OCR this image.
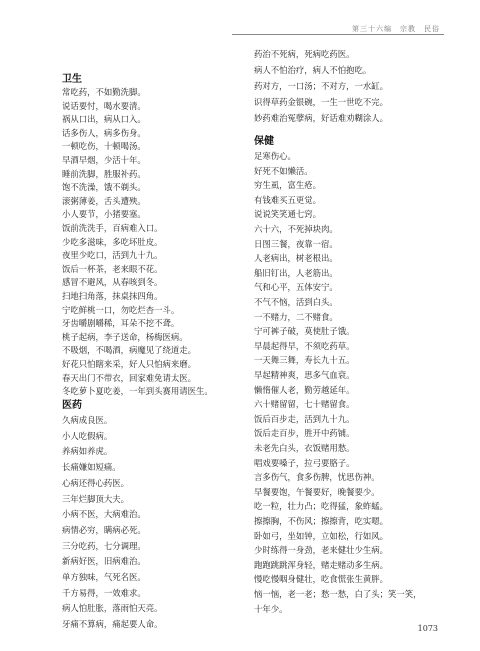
第三十六编　宗教　民俗
卫生
常吃药，不如勤洗脚。
说话要忖，喝水要清。
祸从口出，病从口入。
话多伤人，病多伤身。
一顿吃伤，十顿喝汤。
早酒早烟，少活十年。
睡前洗脚，胜服补药。
饱不洗澡，饿不剃头。
滚粥薄姜，舌头遭殃。
小人要节，小猪要塞。
饭前洗洗手，百病难入口。
少吃多滋味，多吃坏肚皮。
夜里少吃口，活到九十九。
饭后一杯茶，老来眼不花。
感冒不避风，从春咳到冬。
扫地扫角落，抹桌抹四角。
宁吃鲜桃一口，勿吃烂杏一斗。
牙齿嚼剧嚼稀，耳朵不挖不聋。
桃子起病，李子送命，杨梅医病。
不吸烟，不喝酒，病魔见了绕道走。
好花只怕瞎来采，好人只怕病来磨。
春天出门不带衣，回家难免请太医。
冬吃萝卜夏吃姜，一年到头赛用请医生。
医药
久病成良医。
小人吃假病。
养病如养虎。
长痛嫌如短痛。
心病还得心药医。
三年烂脚顶大夫。
小病不医，大病难治。
病情必穷，瞒病必死。
三分吃药，七分调理。
新病好医，旧病难治。
单方独味，气死名医。
千方易得，一效难求。
病人怕肚胀，落雨怕天亮。
牙痛不算病，痛起要人命。
药治不死病，死病吃药医。
病人不怕治疗，病人不怕抱吃。
药对方，一口汤；不对方，一水缸。
识得草药金银碗，一生一世吃不完。
妙药难治冤孽病，好话难劝糊涂人。
保健
足寒伤心。
好死不如懒活。
穷生虱，富生疮。
有钱难买五更觉。
说说笑笑通七窍。
六十六，不死掉块肉。
日图三餐，夜靠一宿。
人老病出，树老根出。
船旧钉出，人老筋出。
气和心平，五体安宁。
不气不恼，活到白头。
一不赌力，二不赌食。
宁可裤子破，莫使肚子饿。
早晨起得早，不须吃药草。
一天舞三舞，寿长九十五。
早起精神爽，思多气血衰。
懒惰催人老，勤劳越延年。
六十赌留留，七十赌留食。
饭后百步走，活到九十九。
饭后走百步，胜开中药铺。
未老先白头，衣饭赌用愁。
唱戏要嗓子，拉弓要胳子。
言多伤气，食多伤脾，忧思伤神。
早餐要饱，午餐要好，晚餐要少。
吃一粒，壮力凸；吃得猛，象蚱蜢。
擦擦胸，不伤风；擦擦背，吃实嗯。
卧如弓，坐如钟，立如松，行如风。
少时练得一身劲，老来健壮少生病。
跑跑跳跳浑身轻，赌走赌动多生病。
慢吃慢咽身健壮，吃食慌张生黄胖。
恼一恼，老一老；愁一愁，白了头；笑一笑，
十年少。
1073
